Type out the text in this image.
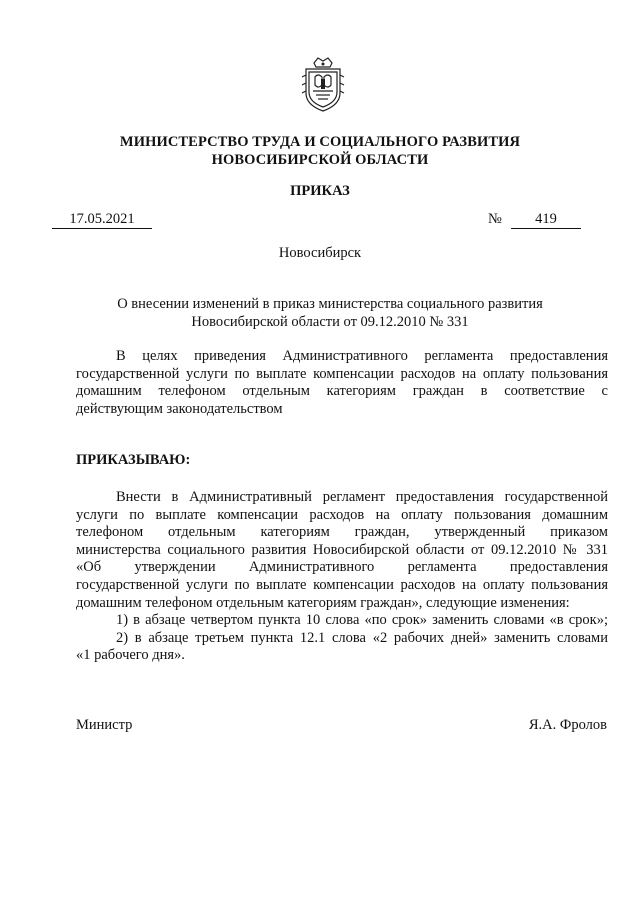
МИНИСТЕРСТВО ТРУДА И СОЦИАЛЬНОГО РАЗВИТИЯ
НОВОСИБИРСКОЙ ОБЛАСТИ
ПРИКАЗ
17.05.2021	№	419
Новосибирск
О внесении изменений в приказ министерства социального развития
Новосибирской области от 09.12.2010 № 331
В целях приведения Административного регламента предоставления
государственной услуги по выплате компенсации расходов на оплату пользования
домашним телефоном отдельным категориям граждан в соответствие с
действующим законодательством
ПРИКАЗЫВАЮ:
Внести в Административный регламент предоставления государственной
услуги по выплате компенсации расходов на оплату пользования домашним
телефоном отдельным категориям граждан, утвержденный приказом
министерства социального развития Новосибирской области от 09.12.2010 № 331
«Об утверждении Административного регламента предоставления
государственной услуги по выплате компенсации расходов на оплату пользования
домашним телефоном отдельным категориям граждан», следующие изменения:
1) в абзаце четвертом пункта 10 слова «по срок» заменить словами «в срок»;
2) в абзаце третьем пункта 12.1 слова «2 рабочих дней» заменить словами
«1 рабочего дня».
Министр	Я.А. Фролов
